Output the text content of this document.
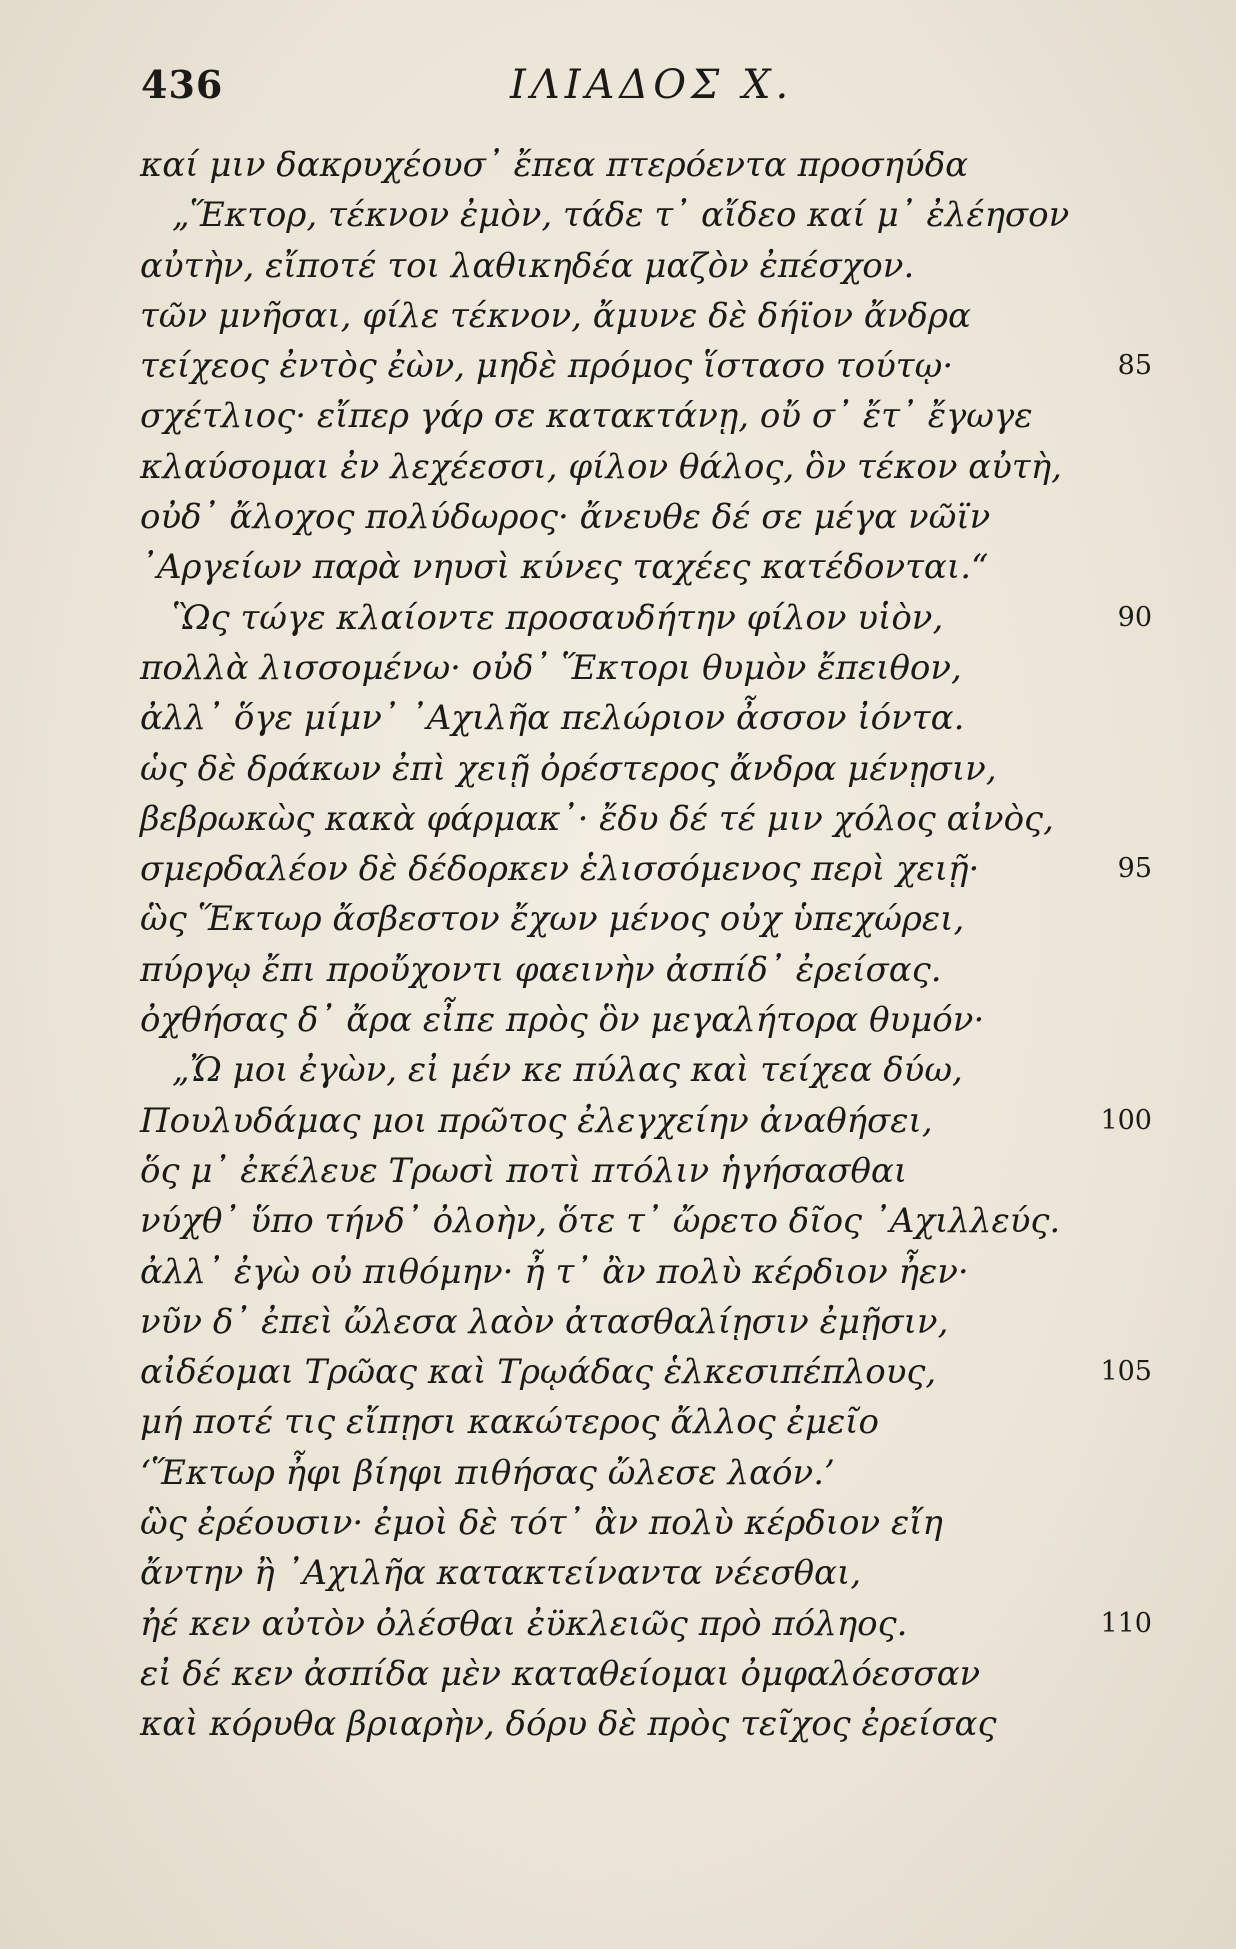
436	ΙΛΙΑΔΟΣ Χ.
καί μιν δακρυχέουσ᾽ ἔπεα πτερόεντα προσηύδα
„Ἕκτορ, τέκνον ἐμὸν, τάδε τ᾽ αἴδεο καί μ᾽ ἐλέησον
αὐτὴν, εἴποτέ τοι λαθικηδέα μαζὸν ἐπέσχον.
τῶν μνῆσαι, φίλε τέκνον, ἄμυνε δὲ δήϊον ἄνδρα
τείχεος ἐντὸς ἐὼν, μηδὲ πρόμος ἵστασο τούτῳ·	85
σχέτλιος· εἴπερ γάρ σε κατακτάνῃ, οὔ σ᾽ ἔτ᾽ ἔγωγε
κλαύσομαι ἐν λεχέεσσι, φίλον θάλος, ὃν τέκον αὐτὴ,
οὐδ᾽ ἄλοχος πολύδωρος· ἄνευθε δέ σε μέγα νῶϊν
᾽Αργείων παρὰ νηυσὶ κύνες ταχέες κατέδονται.“
Ὣς τώγε κλαίοντε προσαυδήτην φίλον υἱὸν,	90
πολλὰ λισσομένω· οὐδ᾽ Ἕκτορι θυμὸν ἔπειθον,
ἀλλ᾽ ὅγε μίμν᾽ ᾽Αχιλῆα πελώριον ἆσσον ἰόντα.
ὡς δὲ δράκων ἐπὶ χειῇ ὀρέστερος ἄνδρα μένῃσιν,
βεβρωκὼς κακὰ φάρμακ᾽· ἔδυ δέ τέ μιν χόλος αἰνὸς,
σμερδαλέον δὲ δέδορκεν ἑλισσόμενος περὶ χειῇ·	95
ὣς Ἕκτωρ ἄσβεστον ἔχων μένος οὐχ ὑπεχώρει,
πύργῳ ἔπι προὔχοντι φαεινὴν ἀσπίδ᾽ ἐρείσας.
ὀχθήσας δ᾽ ἄρα εἶπε πρὸς ὃν μεγαλήτορα θυμόν·
„Ὤ μοι ἐγὼν, εἰ μέν κε πύλας καὶ τείχεα δύω,
Πουλυδάμας μοι πρῶτος ἐλεγχείην ἀναθήσει,	100
ὅς μ᾽ ἐκέλευε Τρωσὶ ποτὶ πτόλιν ἡγήσασθαι
νύχθ᾽ ὕπο τήνδ᾽ ὀλοὴν, ὅτε τ᾽ ὤρετο δῖος ᾽Αχιλλεύς.
ἀλλ᾽ ἐγὼ οὐ πιθόμην· ἦ τ᾽ ἂν πολὺ κέρδιον ἦεν·
νῦν δ᾽ ἐπεὶ ὤλεσα λαὸν ἀτασθαλίῃσιν ἐμῇσιν,
αἰδέομαι Τρῶας καὶ Τρῳάδας ἑλκεσιπέπλους,	105
μή ποτέ τις εἴπῃσι κακώτερος ἄλλος ἐμεῖο
‘Ἕκτωρ ἦφι βίηφι πιθήσας ὤλεσε λαόν.’
ὣς ἐρέουσιν· ἐμοὶ δὲ τότ᾽ ἂν πολὺ κέρδιον εἴη
ἄντην ἢ ᾽Αχιλῆα κατακτείναντα νέεσθαι,
ἠέ κεν αὐτὸν ὀλέσθαι ἐϋκλειῶς πρὸ πόληος.	110
εἰ δέ κεν ἀσπίδα μὲν καταθείομαι ὀμφαλόεσσαν
καὶ κόρυθα βριαρὴν, δόρυ δὲ πρὸς τεῖχος ἐρείσας
